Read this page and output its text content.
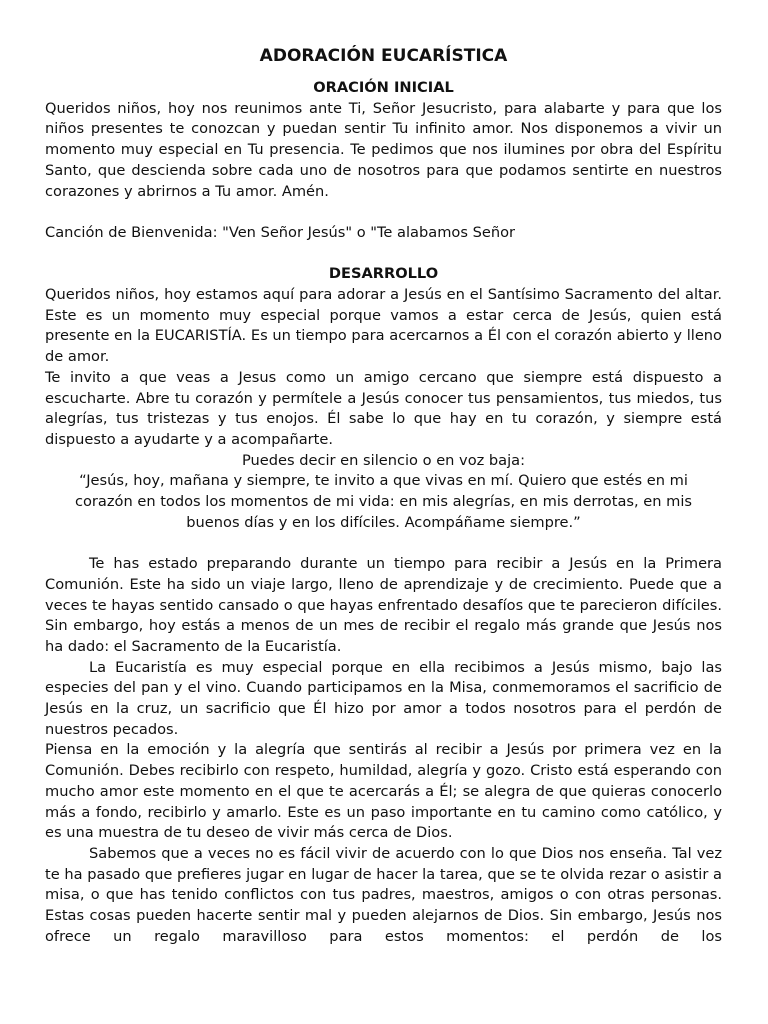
ADORACIÓN EUCARÍSTICA
ORACIÓN INICIAL

Queridos niños, hoy nos reunimos ante Ti, Señor Jesucristo, para alabarte y para que los niños presentes te conozcan y puedan sentir Tu infinito amor. Nos disponemos a vivir un momento muy especial en Tu presencia. Te pedimos que nos ilumines por obra del Espíritu Santo, que descienda sobre cada uno de nosotros para que podamos sentirte en nuestros corazones y abrirnos a Tu amor. Amén.

Canción de Bienvenida: "Ven Señor Jesús" o "Te alabamos Señor

DESARROLLO

Queridos niños, hoy estamos aquí para adorar a Jesús en el Santísimo Sacramento del altar. Este es un momento muy especial porque vamos a estar cerca de Jesús, quien está presente en la EUCARISTÍA. Es un tiempo para acercarnos a Él con el corazón abierto y lleno de amor.

Te invito a que veas a Jesus como un amigo cercano que siempre está dispuesto a escucharte. Abre tu corazón y permítele a Jesús conocer tus pensamientos, tus miedos, tus alegrías, tus tristezas y tus enojos. Él sabe lo que hay en tu corazón, y siempre está dispuesto a ayudarte y a acompañarte.

Puedes decir en silencio o en voz baja:

“Jesús, hoy, mañana y siempre, te invito a que vivas en mí. Quiero que estés en mi

corazón en todos los momentos de mi vida: en mis alegrías, en mis derrotas, en mis

buenos días y en los difíciles. Acompáñame siempre.”

Te has estado preparando durante un tiempo para recibir a Jesús en la Primera Comunión. Este ha sido un viaje largo, lleno de aprendizaje y de crecimiento. Puede que a veces te hayas sentido cansado o que hayas enfrentado desafíos que te parecieron difíciles. Sin embargo, hoy estás a menos de un mes de recibir el regalo más grande que Jesús nos ha dado: el Sacramento de la Eucaristía.

La Eucaristía es muy especial porque en ella recibimos a Jesús mismo, bajo las especies del pan y el vino. Cuando participamos en la Misa, conmemoramos el sacrificio de Jesús en la cruz, un sacrificio que Él hizo por amor a todos nosotros para el perdón de nuestros pecados.

Piensa en la emoción y la alegría que sentirás al recibir a Jesús por primera vez en la Comunión. Debes recibirlo con respeto, humildad, alegría y gozo. Cristo está esperando con mucho amor este momento en el que te acercarás a Él; se alegra de que quieras conocerlo más a fondo, recibirlo y amarlo. Este es un paso importante en tu camino como católico, y es una muestra de tu deseo de vivir más cerca de Dios.

Sabemos que a veces no es fácil vivir de acuerdo con lo que Dios nos enseña. Tal vez te ha pasado que prefieres jugar en lugar de hacer la tarea, que se te olvida rezar o asistir a misa, o que has tenido conflictos con tus padres, maestros, amigos o con otras personas. Estas cosas pueden hacerte sentir mal y pueden alejarnos de Dios. Sin embargo, Jesús nos ofrece un regalo maravilloso para estos momentos: el perdón de los
